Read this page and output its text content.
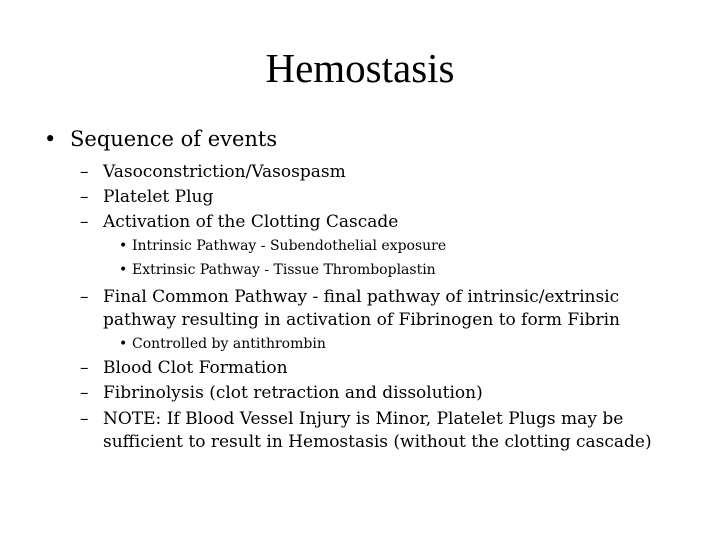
Hemostasis
• Sequence of events
– Vasoconstriction/Vasospasm
– Platelet Plug
– Activation of the Clotting Cascade
• Intrinsic Pathway - Subendothelial exposure
• Extrinsic Pathway - Tissue Thromboplastin
– Final Common Pathway - final pathway of intrinsic/extrinsic
pathway resulting in activation of Fibrinogen to form Fibrin
• Controlled by antithrombin
– Blood Clot Formation
– Fibrinolysis (clot retraction and dissolution)
– NOTE: If Blood Vessel Injury is Minor, Platelet Plugs may be
sufficient to result in Hemostasis (without the clotting cascade)
